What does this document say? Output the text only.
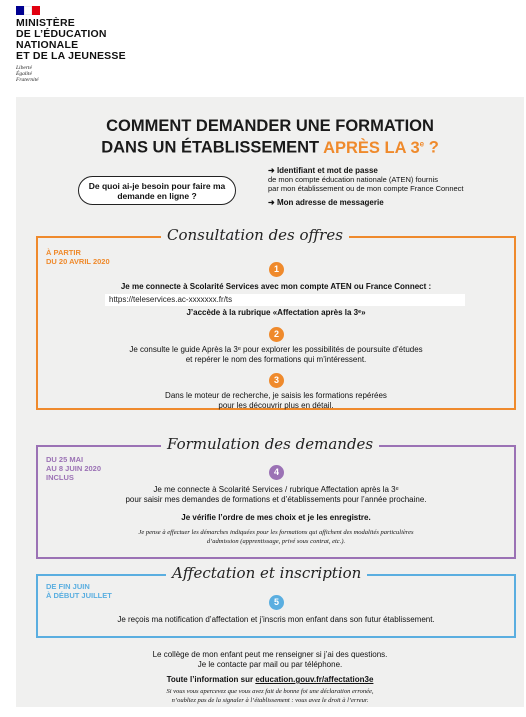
MINISTÈRE
DE L’ÉDUCATION
NATIONALE
ET DE LA JEUNESSE
Liberté
Égalité
Fraternité
COMMENT DEMANDER UNE FORMATION
DANS UN ÉTABLISSEMENT APRÈS LA 3e ?
De quoi ai-je besoin pour faire ma demande en ligne ?
➜ Identifiant et mot de passe
de mon compte éducation nationale (ATEN) fournis
par mon établissement ou de mon compte France Connect
➜ Mon adresse de messagerie
Consultation des offres
À PARTIR
DU 20 AVRIL 2020
1
Je me connecte à Scolarité Services avec mon compte ATEN ou France Connect :
https://teleservices.ac-xxxxxxx.fr/ts
J’accède à la rubrique «Affectation après la 3ᵉ»
2
Je consulte le guide Après la 3ᵉ pour explorer les possibilités de poursuite d’études
et repérer le nom des formations qui m’intéressent.
3
Dans le moteur de recherche, je saisis les formations repérées
pour les découvrir plus en détail.
Formulation des demandes
DU 25 MAI
AU 8 JUIN 2020
INCLUS
4
Je me connecte à Scolarité Services / rubrique Affectation après la 3ᵉ
pour saisir mes demandes de formations et d’établissements pour l’année prochaine.
Je vérifie l’ordre de mes choix et je les enregistre.
Je pense à effectuer les démarches indiquées pour les formations qui affichent des modalités particulières
d’admission (apprentissage, privé sous contrat, etc.).
Affectation et inscription
DE FIN JUIN
À DÉBUT JUILLET
5
Je reçois ma notification d’affectation et j’inscris mon enfant dans son futur établissement.
Le collège de mon enfant peut me renseigner si j’ai des questions.
Je le contacte par mail ou par téléphone.
Toute l’information sur education.gouv.fr/affectation3e
Si vous vous apercevez que vous avez fait de bonne foi une déclaration erronée,
n’oubliez pas de la signaler à l’établissement : vous avez le droit à l’erreur.
